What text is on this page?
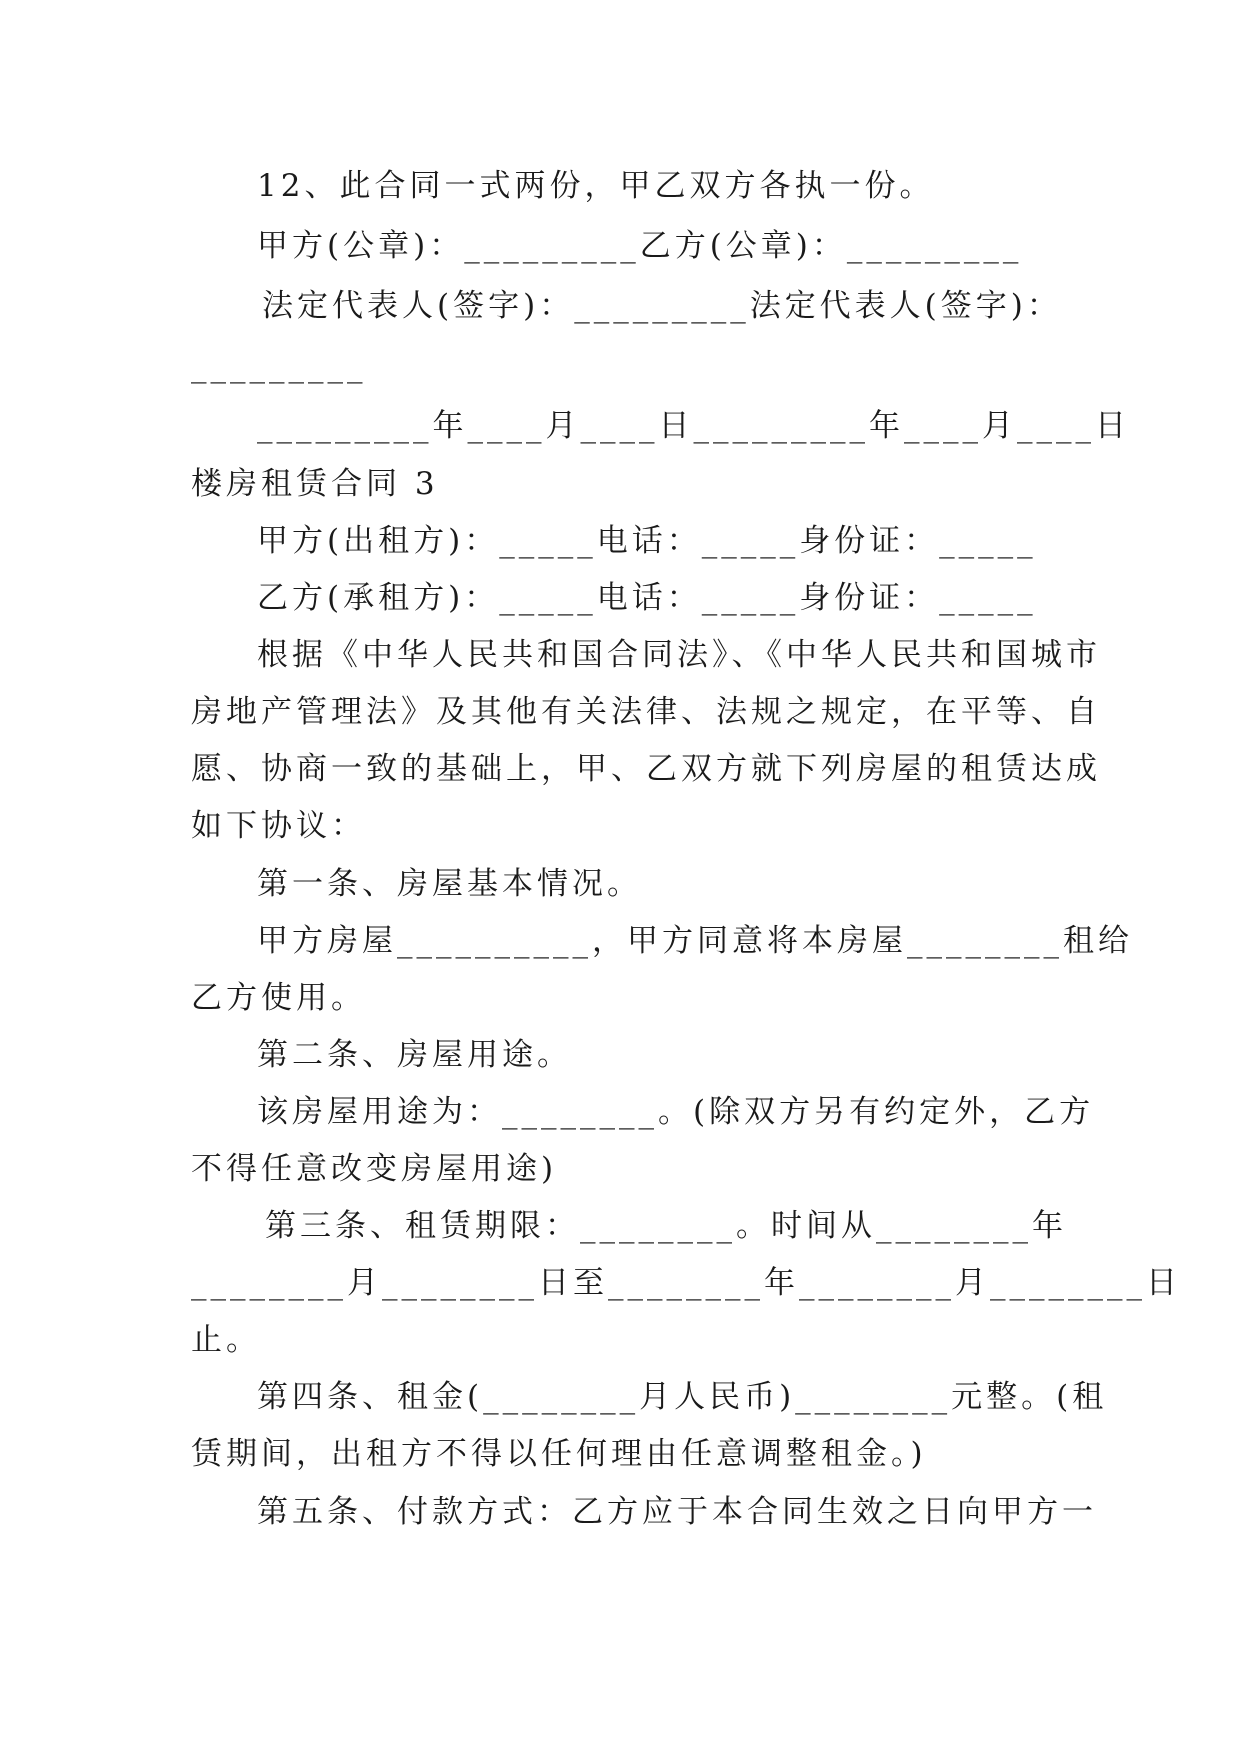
12、此合同一式两份，甲乙双方各执一份。
甲方(公章)：_________乙方(公章)：_________
法定代表人(签字)：_________法定代表人(签字)：
_________
_________年____月____日_________年____月____日
楼房租赁合同 3
甲方(出租方)：_____电话：_____身份证：_____
乙方(承租方)：_____电话：_____身份证：_____
根据《中华人民共和国合同法》、《中华人民共和国城市
房地产管理法》及其他有关法律、法规之规定，在平等、自
愿、协商一致的基础上，甲、乙双方就下列房屋的租赁达成
如下协议：
第一条、房屋基本情况。
甲方房屋__________，甲方同意将本房屋________租给
乙方使用。
第二条、房屋用途。
该房屋用途为：________。(除双方另有约定外，乙方
不得任意改变房屋用途)
第三条、租赁期限：________。时间从________年
________月________日至________年________月________日
止。
第四条、租金(________月人民币)________元整。(租
赁期间，出租方不得以任何理由任意调整租金。)
第五条、付款方式：乙方应于本合同生效之日向甲方一
